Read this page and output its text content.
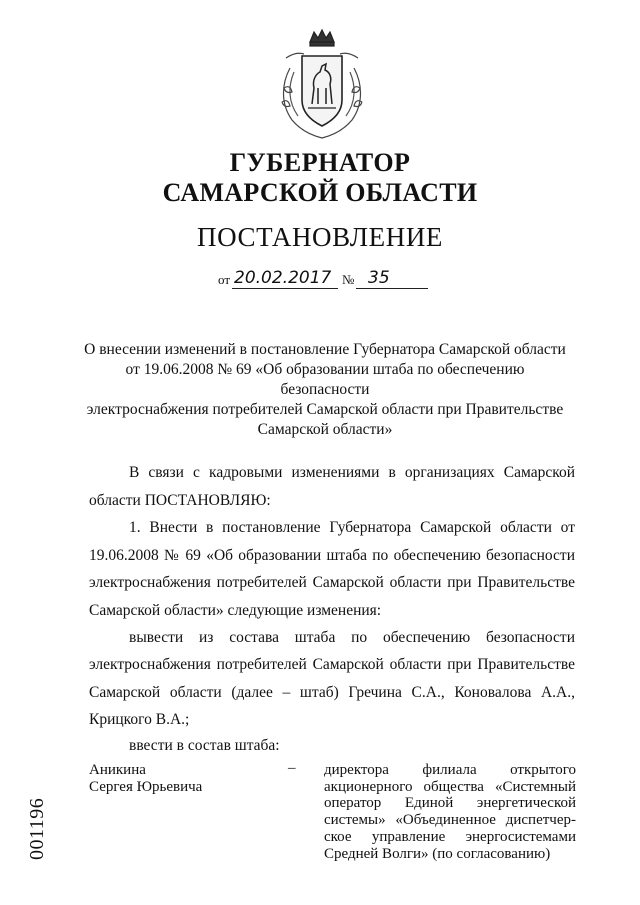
ГУБЕРНАТОР
САМАРСКОЙ ОБЛАСТИ
ПОСТАНОВЛЕНИЕ
от 20.02.2017 № 35
О внесении изменений в постановление Губернатора Самарской области
от 19.06.2008 № 69 «Об образовании штаба по обеспечению безопасности
электроснабжения потребителей Самарской области при Правительстве
Самарской области»
В связи с кадровыми изменениями в организациях Самарской
области ПОСТАНОВЛЯЮ:
1. Внести в постановление Губернатора Самарской области от
19.06.2008 № 69 «Об образовании штаба по обеспечению безопасности
электроснабжения потребителей Самарской области при Правительстве
Самарской области» следующие изменения:
вывести из состава штаба по обеспечению безопасности
электроснабжения потребителей Самарской области при Правительстве
Самарской области (далее – штаб) Гречина С.А., Коновалова А.А.,
Крицкого В.А.;
ввести в состав штаба:
Аникина
Сергея Юрьевича
– директора филиала открытого
акционерного общества «Системный
оператор Единой энергетической
системы» «Объединенное диспетчер-
ское управление энергосистемами
Средней Волги» (по согласованию)
001196
